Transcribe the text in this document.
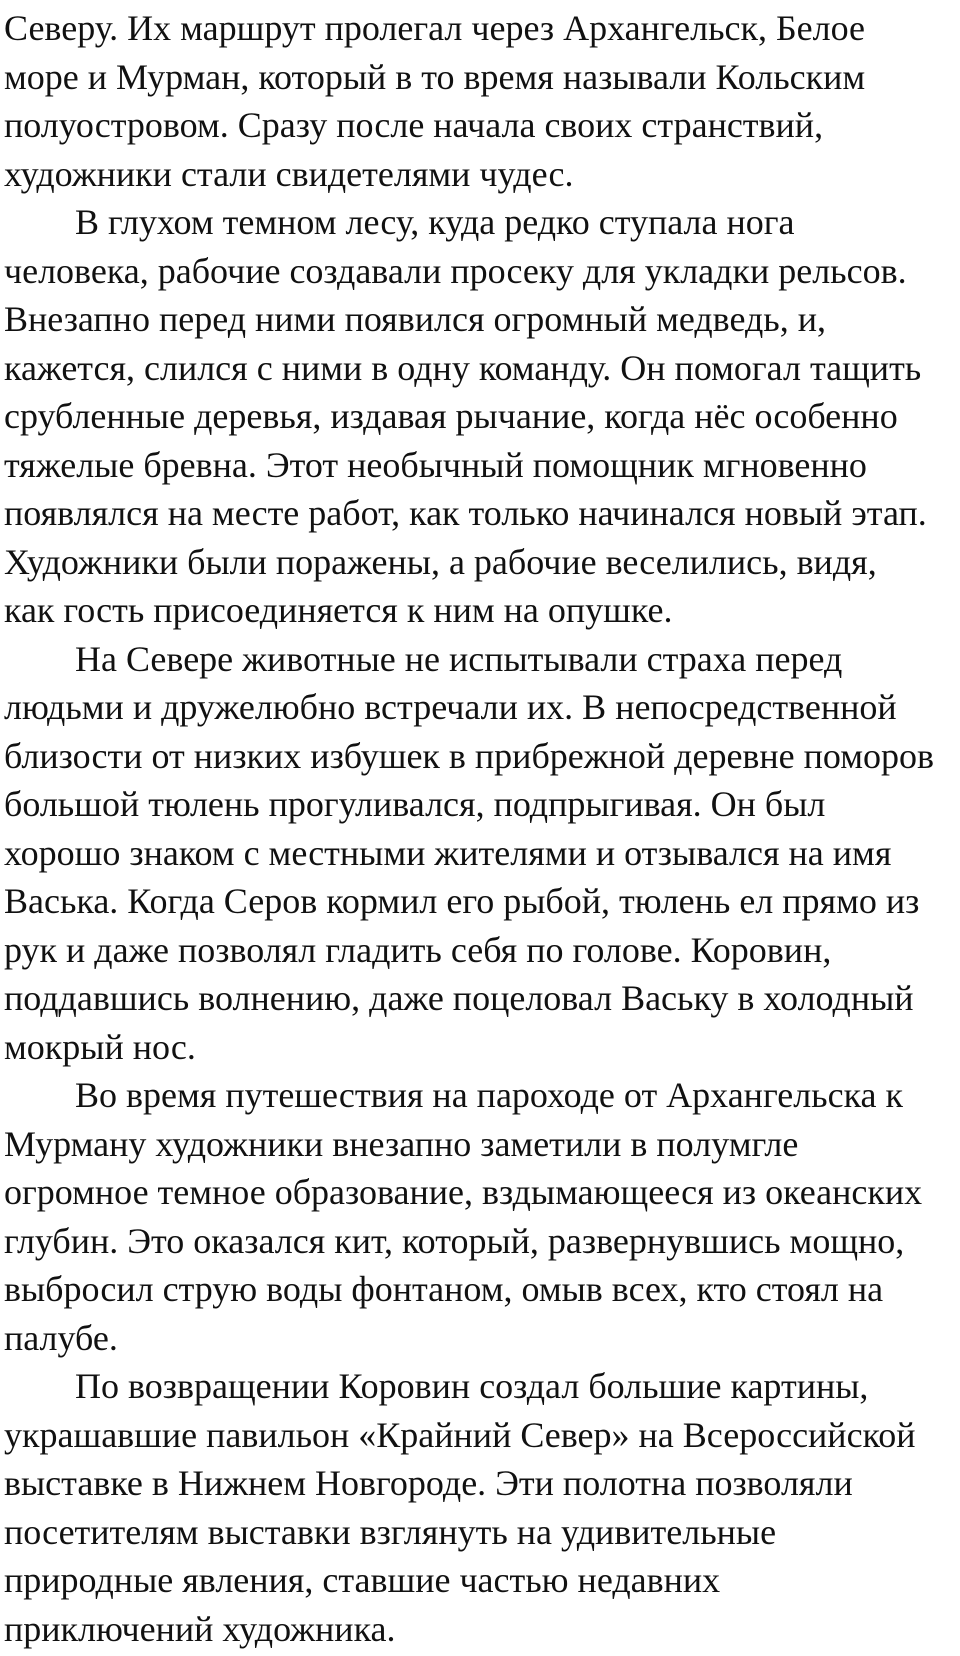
Северу. Их маршрут пролегал через Архангельск, Белое
море и Мурман, который в то время называли Кольским
полуостровом. Сразу после начала своих странствий,
художники стали свидетелями чудес.
В глухом темном лесу, куда редко ступала нога
человека, рабочие создавали просеку для укладки рельсов.
Внезапно перед ними появился огромный медведь, и,
кажется, слился с ними в одну команду. Он помогал тащить
срубленные деревья, издавая рычание, когда нёс особенно
тяжелые бревна. Этот необычный помощник мгновенно
появлялся на месте работ, как только начинался новый этап.
Художники были поражены, а рабочие веселились, видя,
как гость присоединяется к ним на опушке.
На Севере животные не испытывали страха перед
людьми и дружелюбно встречали их. В непосредственной
близости от низких избушек в прибрежной деревне поморов
большой тюлень прогуливался, подпрыгивая. Он был
хорошо знаком с местными жителями и отзывался на имя
Васька. Когда Серов кормил его рыбой, тюлень ел прямо из
рук и даже позволял гладить себя по голове. Коровин,
поддавшись волнению, даже поцеловал Ваську в холодный
мокрый нос.
Во время путешествия на пароходе от Архангельска к
Мурману художники внезапно заметили в полумгле
огромное темное образование, вздымающееся из океанских
глубин. Это оказался кит, который, развернувшись мощно,
выбросил струю воды фонтаном, омыв всех, кто стоял на
палубе.
По возвращении Коровин создал большие картины,
украшавшие павильон «Крайний Север» на Всероссийской
выставке в Нижнем Новгороде. Эти полотна позволяли
посетителям выставки взглянуть на удивительные
природные явления, ставшие частью недавних
приключений художника.
